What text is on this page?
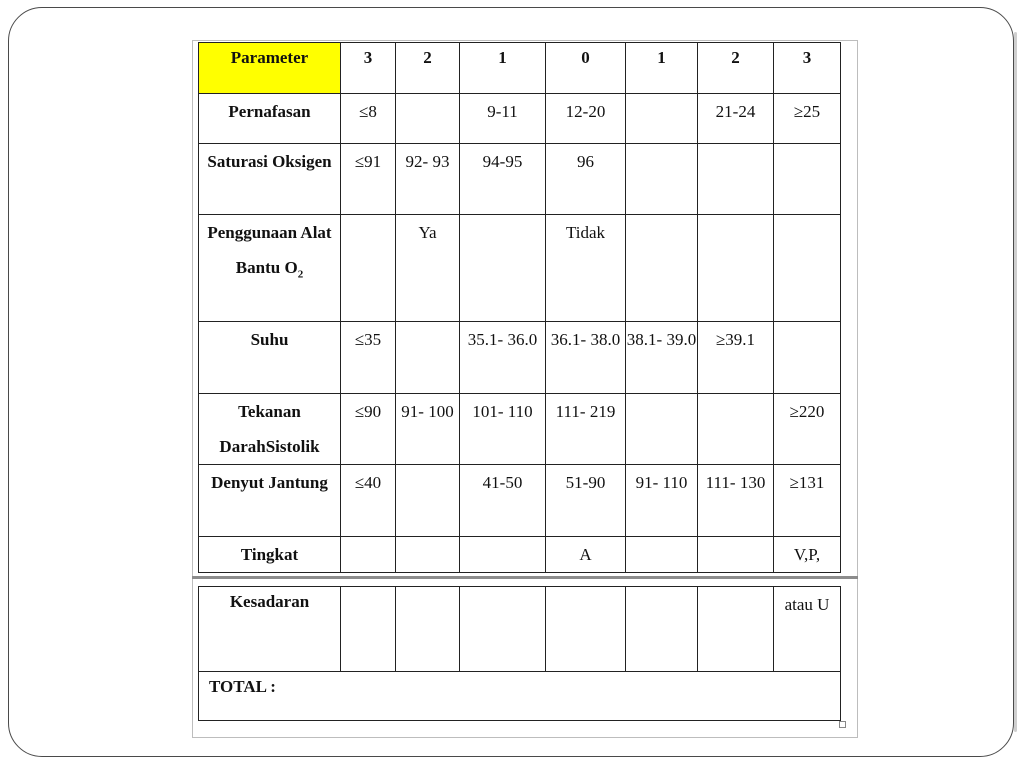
Parameter	3	2	1	0	1	2	3
Pernafasan	≤8		9-11	12-20		21-24	≥25
Saturasi Oksigen	≤91	92- 93	94-95	96			
Penggunaan Alat Bantu $O_2$		Ya		Tidak			
Suhu	≤35		35.1- 36.0	36.1- 38.0	38.1- 39.0	≥39.1	
Tekanan DarahSistolik	≤90	91- 100	101- 110	111- 219			≥220
Denyut Jantung	≤40		41-50	51-90	91- 110	111- 130	≥131
Tingkat				A			V,P,
Kesadaran							atau U
TOTAL :
